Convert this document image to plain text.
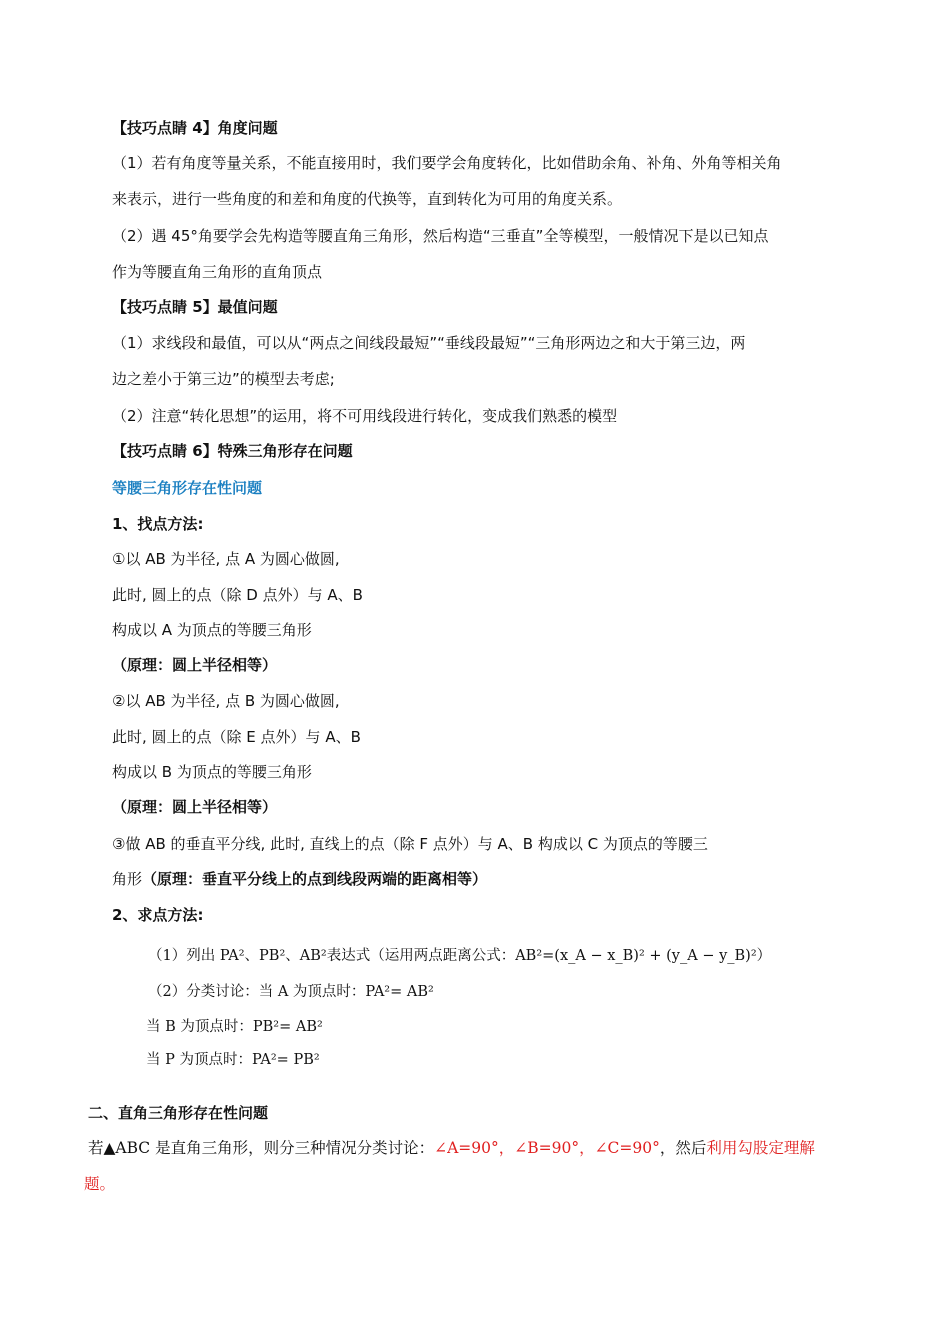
【技巧点睛 4】角度问题
（1）若有角度等量关系，不能直接用时，我们要学会角度转化，比如借助余角、补角、外角等相关角
来表示，进行一些角度的和差和角度的代换等，直到转化为可用的角度关系。
（2）遇 45°角要学会先构造等腰直角三角形，然后构造“三垂直”全等模型，一般情况下是以已知点
作为等腰直角三角形的直角顶点
【技巧点睛 5】最值问题
（1）求线段和最值，可以从“两点之间线段最短”“垂线段最短”“三角形两边之和大于第三边，两
边之差小于第三边”的模型去考虑;
（2）注意“转化思想”的运用，将不可用线段进行转化，变成我们熟悉的模型
【技巧点睛 6】特殊三角形存在问题
等腰三角形存在性问题
1、找点方法:
①以 AB 为半径, 点 A 为圆心做圆,
此时, 圆上的点（除 D 点外）与 A、B
构成以 A 为顶点的等腰三角形
（原理：圆上半径相等）
②以 AB 为半径, 点 B 为圆心做圆,
此时, 圆上的点（除 E 点外）与 A、B
构成以 B 为顶点的等腰三角形
（原理：圆上半径相等）
③做 AB 的垂直平分线, 此时, 直线上的点（除 F 点外）与 A、B 构成以 C 为顶点的等腰三
角形（原理：垂直平分线上的点到线段两端的距离相等）
2、求点方法:
（1）列出 PA²、PB²、AB²表达式（运用两点距离公式：AB²=(x_A − x_B)² + (y_A − y_B)²）
（2）分类讨论：当 A 为顶点时：PA²= AB²
当 B 为顶点时：PB²= AB²
当 P 为顶点时：PA²= PB²
二、直角三角形存在性问题
若▲ABC 是直角三角形，则分三种情况分类讨论：∠A=90°，∠B=90°，∠C=90°，然后利用勾股定理解
题。
